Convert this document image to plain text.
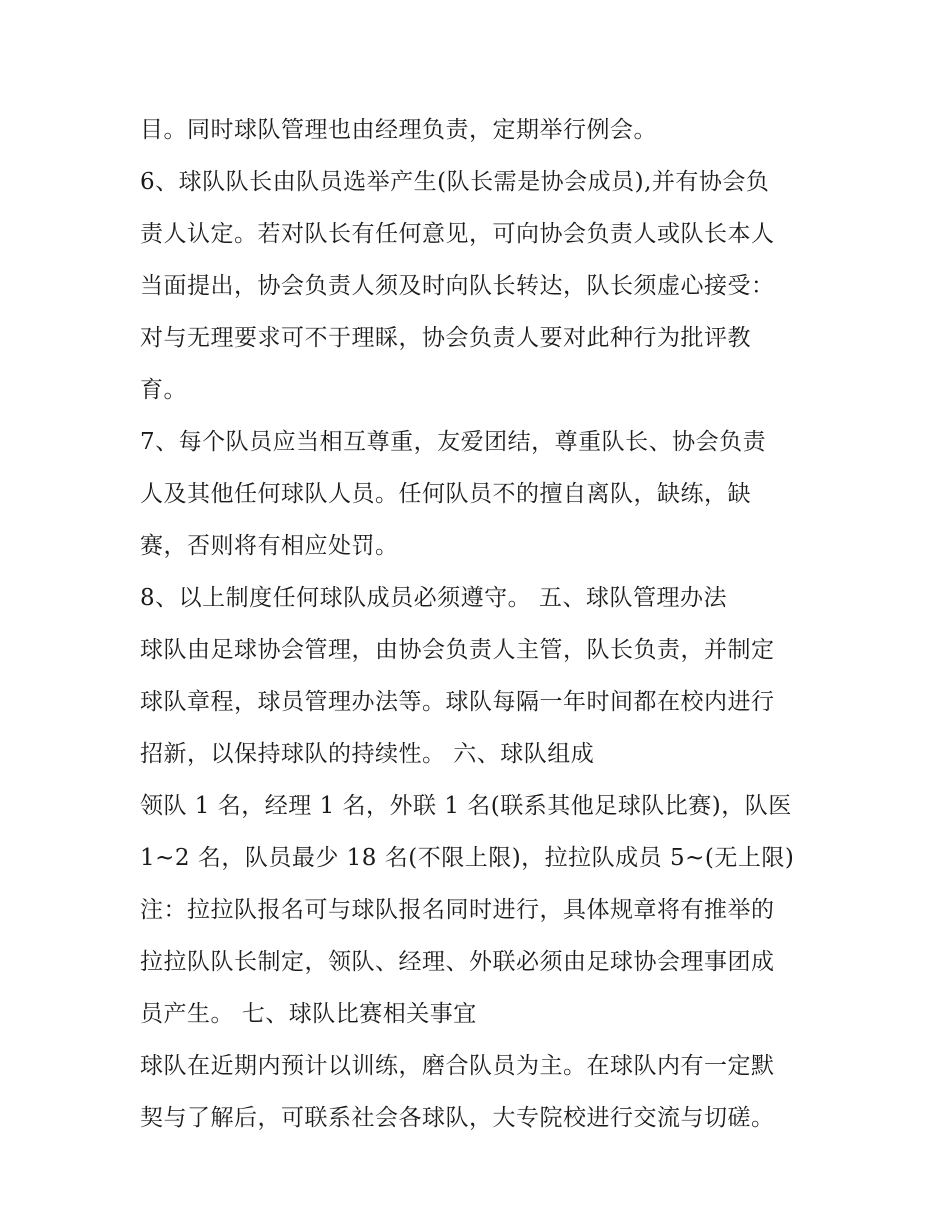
目。同时球队管理也由经理负责，定期举行例会。
6、球队队长由队员选举产生(队长需是协会成员),并有协会负
责人认定。若对队长有任何意见，可向协会负责人或队长本人
当面提出，协会负责人须及时向队长转达，队长须虚心接受：
对与无理要求可不于理睬，协会负责人要对此种行为批评教
育。
7、每个队员应当相互尊重，友爱团结，尊重队长、协会负责
人及其他任何球队人员。任何队员不的擅自离队，缺练，缺
赛，否则将有相应处罚。
8、以上制度任何球队成员必须遵守。 五、球队管理办法
球队由足球协会管理，由协会负责人主管，队长负责，并制定
球队章程，球员管理办法等。球队每隔一年时间都在校内进行
招新，以保持球队的持续性。 六、球队组成
领队 1 名，经理 1 名，外联 1 名(联系其他足球队比赛)，队医
1~2 名，队员最少 18 名(不限上限)，拉拉队成员 5~(无上限)
注：拉拉队报名可与球队报名同时进行，具体规章将有推举的
拉拉队队长制定，领队、经理、外联必须由足球协会理事团成
员产生。 七、球队比赛相关事宜
球队在近期内预计以训练，磨合队员为主。在球队内有一定默
契与了解后，可联系社会各球队，大专院校进行交流与切磋。
